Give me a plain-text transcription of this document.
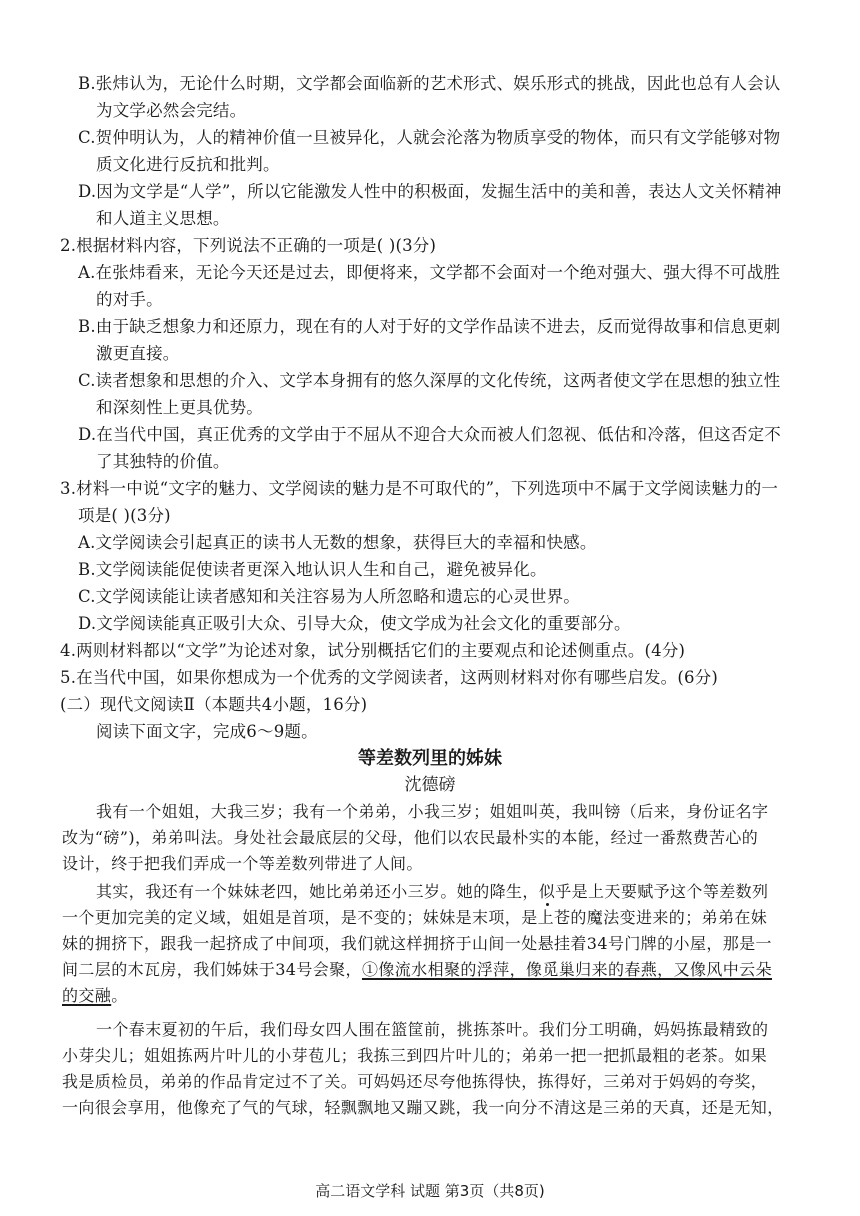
B.张炜认为，无论什么时期，文学都会面临新的艺术形式、娱乐形式的挑战，因此也总有人会认
为文学必然会完结。
C.贺仲明认为，人的精神价值一旦被异化，人就会沦落为物质享受的物体，而只有文学能够对物
质文化进行反抗和批判。
D.因为文学是“人学”，所以它能激发人性中的积极面，发掘生活中的美和善，表达人文关怀精神
和人道主义思想。
2.根据材料内容，下列说法不正确的一项是( )(3分)
A.在张炜看来，无论今天还是过去，即便将来，文学都不会面对一个绝对强大、强大得不可战胜
的对手。
B.由于缺乏想象力和还原力，现在有的人对于好的文学作品读不进去，反而觉得故事和信息更刺
激更直接。
C.读者想象和思想的介入、文学本身拥有的悠久深厚的文化传统，这两者使文学在思想的独立性
和深刻性上更具优势。
D.在当代中国，真正优秀的文学由于不屈从不迎合大众而被人们忽视、低估和冷落，但这否定不
了其独特的价值。
3.材料一中说“文字的魅力、文学阅读的魅力是不可取代的”，下列选项中不属于文学阅读魅力的一
项是( )(3分)
A.文学阅读会引起真正的读书人无数的想象，获得巨大的幸福和快感。
B.文学阅读能促使读者更深入地认识人生和自己，避免被异化。
C.文学阅读能让读者感知和关注容易为人所忽略和遗忘的心灵世界。
D.文学阅读能真正吸引大众、引导大众，使文学成为社会文化的重要部分。
4.两则材料都以“文学”为论述对象，试分别概括它们的主要观点和论述侧重点。(4分)
5.在当代中国，如果你想成为一个优秀的文学阅读者，这两则材料对你有哪些启发。(6分)
(二）现代文阅读Ⅱ（本题共4小题，16分)
阅读下面文字，完成6～9题。
等差数列里的姊妹
沈德磅
我有一个姐姐，大我三岁；我有一个弟弟，小我三岁；姐姐叫英，我叫镑（后来，身份证名字
改为“磅”)，弟弟叫法。身处社会最底层的父母，他们以农民最朴实的本能，经过一番熬费苦心的
设计，终于把我们弄成一个等差数列带进了人间。
其实，我还有一个妹妹老四，她比弟弟还小三岁。她的降生，似乎是上天要赋予这个等差数列
一个更加完美的定义域，姐姐是首项，是不变的；妹妹是末项，是上苍的魔法变进来的；弟弟在妹
妹的拥挤下，跟我一起挤成了中间项，我们就这样拥挤于山间一处悬挂着34号门牌的小屋，那是一
间二层的木瓦房，我们姊妹于34号会聚，①像流水相聚的浮萍，像觅巢归来的春燕，又像风中云朵
的交融。
一个春末夏初的午后，我们母女四人围在篮筐前，挑拣茶叶。我们分工明确，妈妈拣最精致的
小芽尖儿；姐姐拣两片叶儿的小芽苞儿；我拣三到四片叶儿的；弟弟一把一把抓最粗的老茶。如果
我是质检员，弟弟的作品肯定过不了关。可妈妈还尽夸他拣得快，拣得好，三弟对于妈妈的夸奖，
一向很会享用，他像充了气的气球，轻飘飘地又蹦又跳，我一向分不清这是三弟的天真，还是无知，
高二语文学科 试题 第3页（共8页)
